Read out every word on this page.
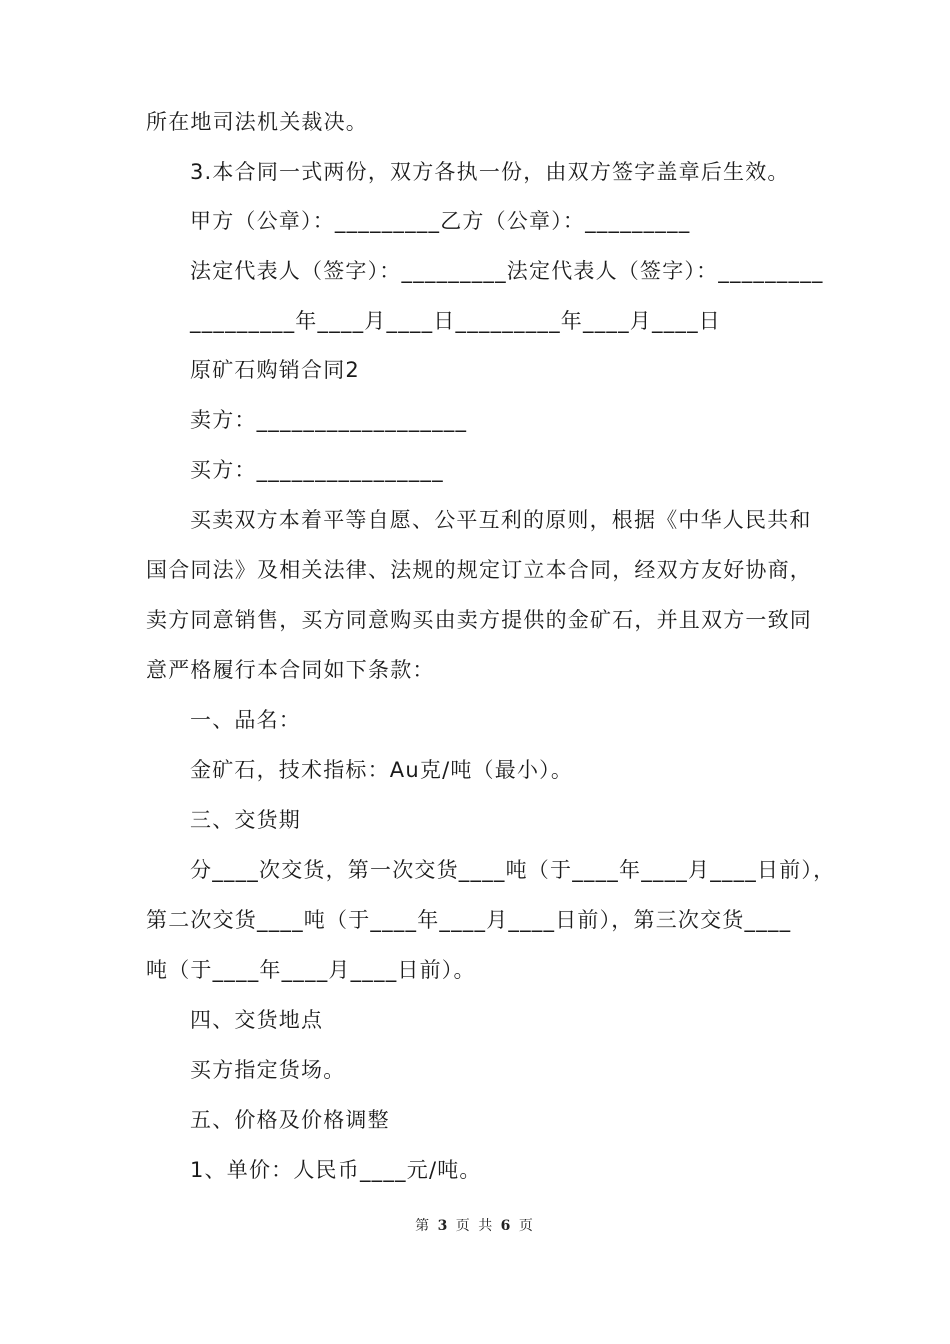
所在地司法机关裁决。
3.本合同一式两份，双方各执一份，由双方签字盖章后生效。
甲方（公章）：_________乙方（公章）：_________
法定代表人（签字）：_________法定代表人（签字）：_________
_________年____月____日_________年____月____日
原矿石购销合同2
卖方：__________________
买方：________________
买卖双方本着平等自愿、公平互利的原则，根据《中华人民共和
国合同法》及相关法律、法规的规定订立本合同，经双方友好协商，
卖方同意销售，买方同意购买由卖方提供的金矿石，并且双方一致同
意严格履行本合同如下条款：
一、品名：
金矿石，技术指标：Au克/吨（最小）。
三、交货期
分____次交货，第一次交货____吨（于____年____月____日前），
第二次交货____吨（于____年____月____日前），第三次交货____
吨（于____年____月____日前）。
四、交货地点
买方指定货场。
五、价格及价格调整
1、单价：人民币____元/吨。
第 3 页 共 6 页
